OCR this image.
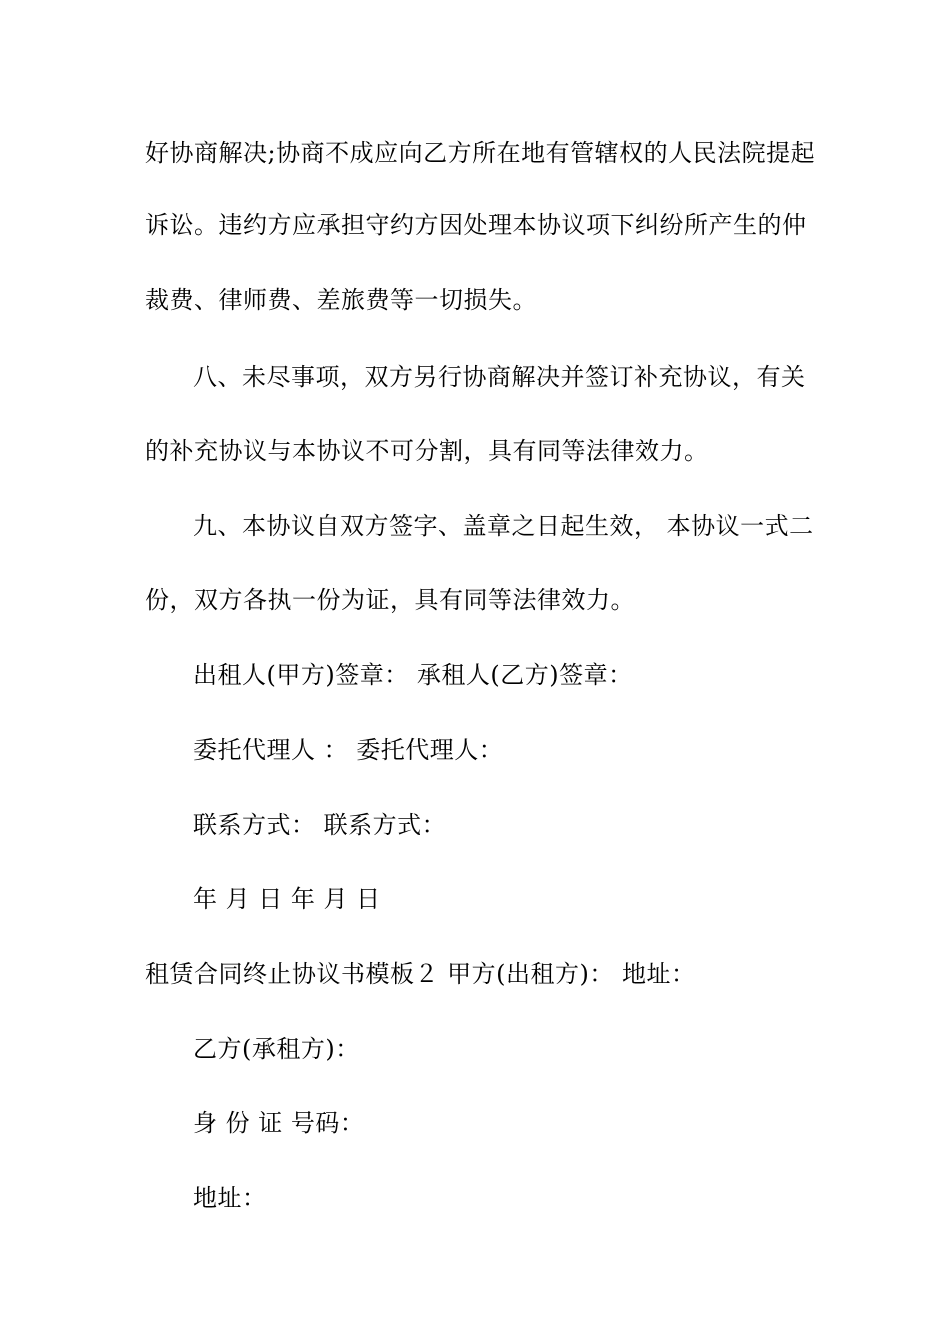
好协商解决;协商不成应向乙方所在地有管辖权的人民法院提起
诉讼。违约方应承担守约方因处理本协议项下纠纷所产生的仲
裁费、律师费、差旅费等一切损失。
八、未尽事项，双方另行协商解决并签订补充协议，有关
的补充协议与本协议不可分割，具有同等法律效力。
九、本协议自双方签字、盖章之日起生效， 本协议一式二
份，双方各执一份为证，具有同等法律效力。
出租人(甲方)签章： 承租人(乙方)签章：
委托代理人 ： 委托代理人：
联系方式： 联系方式：
年 月 日 年 月 日
租赁合同终止协议书模板２ 甲方(出租方)： 地址：
乙方(承租方)：
身 份 证 号码：
地址：
